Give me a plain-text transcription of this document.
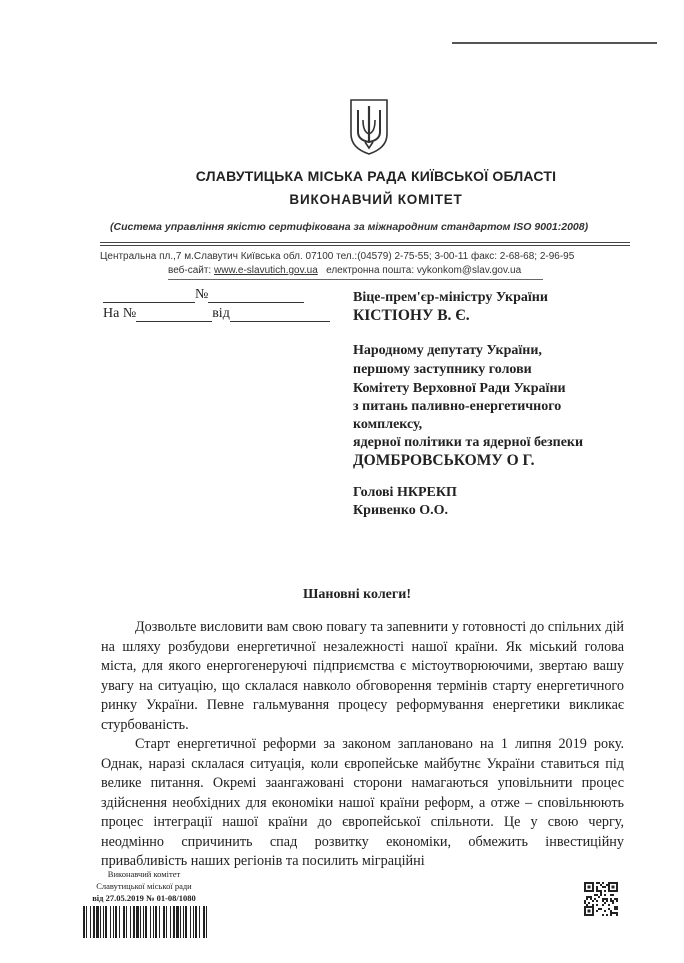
СЛАВУТИЦЬКА МІСЬКА РАДА КИЇВСЬКОЇ ОБЛАСТІ
ВИКОНАВЧИЙ КОМІТЕТ
(Система управління якістю сертифікована за міжнародним стандартом ISO 9001:2008)
Центральна пл.,7 м.Славутич Київська обл. 07100 тел.:(04579) 2-75-55; 3-00-11 факс: 2-68-68; 2-96-95
веб-сайт: www.e-slavutich.gov.ua   електронна пошта: vykonkom@slav.gov.ua
№
На №	від
Віце-прем'єр-міністру України
КІСТІОНУ В. Є.
Народному депутату України,
першому заступнику голови
Комітету Верховної Ради України
з питань паливно-енергетичного
комплексу,
ядерної політики та ядерної безпеки
ДОМБРОВСЬКОМУ О Г.
Голові НКРЕКП
Кривенко О.О.
Шановні колеги!

Дозвольте висловити вам свою повагу та запевнити у готовності до спільних дій на шляху розбудови енергетичної незалежності нашої країни. Як міський голова міста, для якого енергогенеруючі підприємства є містоутворюючими, звертаю вашу увагу на ситуацію, що склалася навколо обговорення термінів старту енергетичного ринку України. Певне гальмування процесу реформування енергетики викликає стурбованість.

Старт енергетичної реформи за законом заплановано на 1 липня 2019 року. Однак, наразі склалася ситуація, коли європейське майбутнє України ставиться під велике питання. Окремі заангажовані сторони намагаються уповільнити процес здійснення необхідних для економіки нашої країни реформ, а отже – сповільнюють процес інтеграції нашої країни до європейської спільноти. Це у свою чергу, неодмінно спричинить спад розвитку економіки, обмежить інвестиційну привабливість наших регіонів та посилить міграційні

Виконавчий комітет
Славутицької міської ради
від 27.05.2019 № 01-08/1080
